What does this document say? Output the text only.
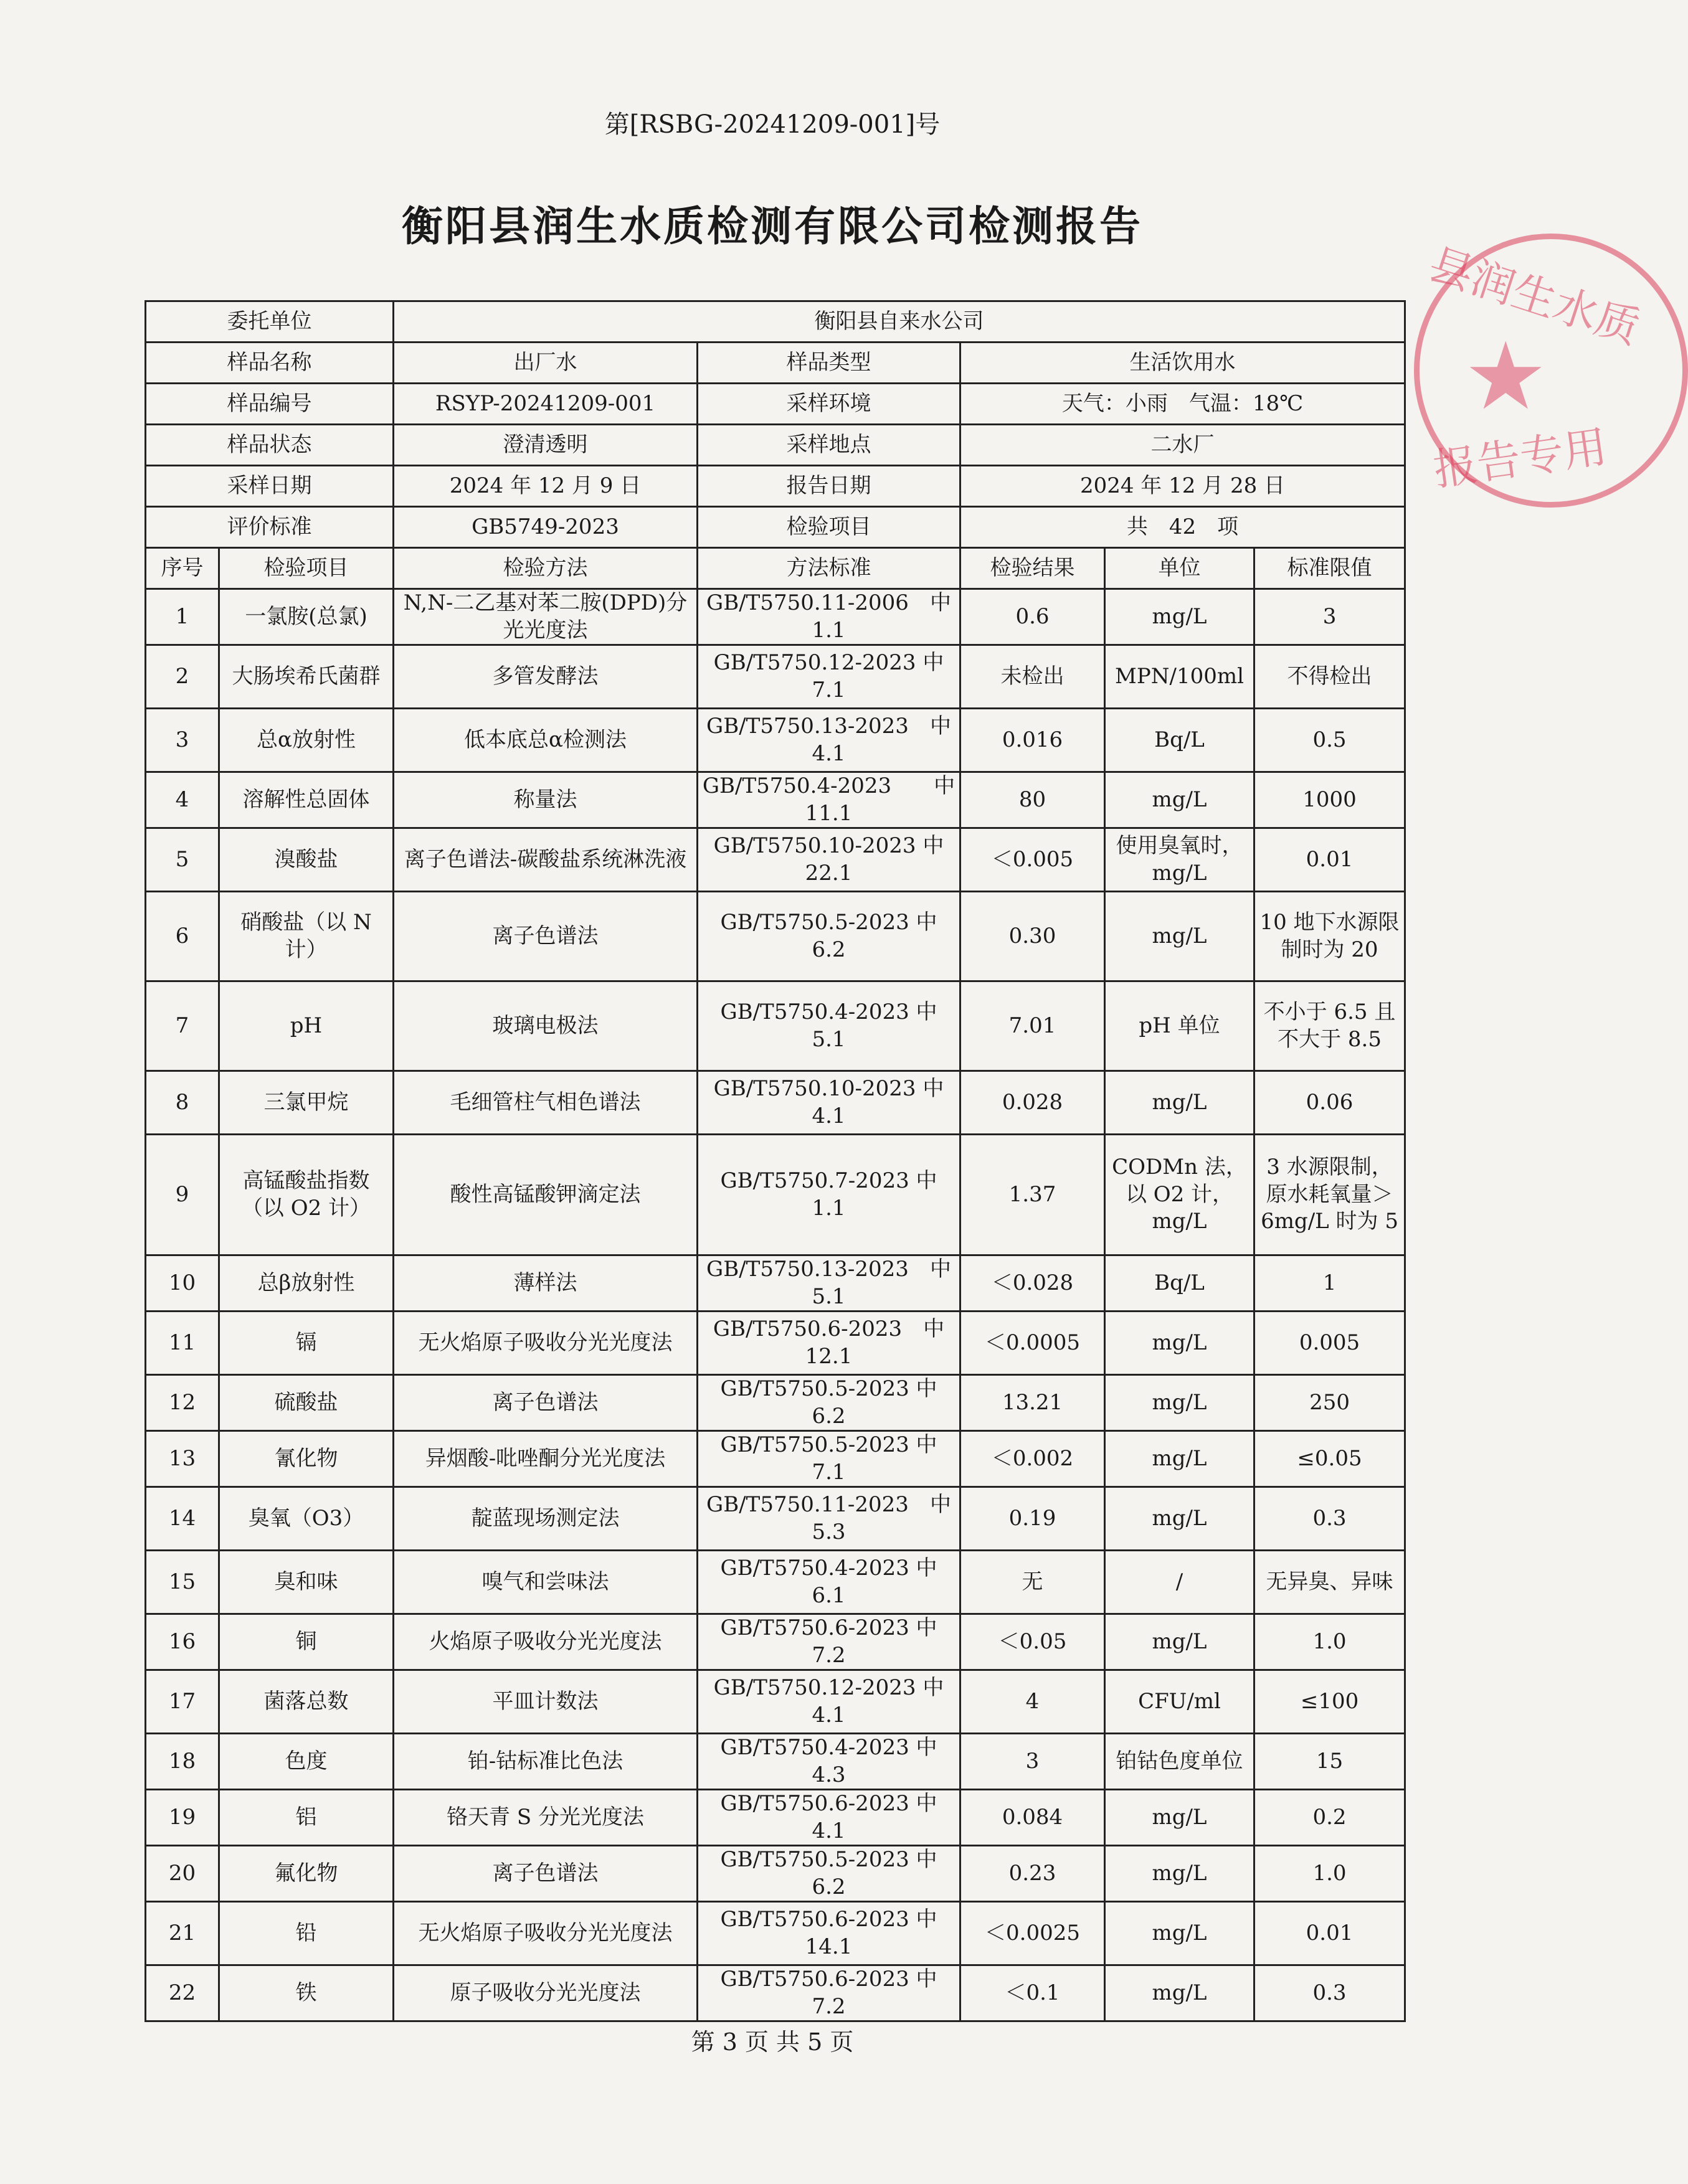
第[RSBG-20241209-001]号
衡阳县润生水质检测有限公司检测报告
委托单位		衡阳县自来水公司				
样品名称		出厂水	样品类型	生活饮用水		
样品编号		RSYP-20241209-001	采样环境	天气：小雨　气温：18℃		
样品状态		澄清透明	采样地点	二水厂		
采样日期		2024 年 12 月 9 日	报告日期	2024 年 12 月 28 日		
评价标准		GB5749-2023	检验项目	共　42　项		
序号	检验项目	检验方法	方法标准	检验结果	单位	标准限值
1	一氯胺(总氯)	N,N-二乙基对苯二胺(DPD)分光光度法	GB/T5750.11-2006　中 1.1	0.6	mg/L	3
2	大肠埃希氏菌群	多管发酵法	GB/T5750.12-2023 中 7.1	未检出	MPN/100ml	不得检出
3	总α放射性	低本底总α检测法	GB/T5750.13-2023　中 4.1	0.016	Bq/L	0.5
4	溶解性总固体	称量法	GB/T5750.4-2023　　中 11.1	80	mg/L	1000
5	溴酸盐	离子色谱法-碳酸盐系统淋洗液	GB/T5750.10-2023 中 22.1	＜0.005	使用臭氧时，mg/L	0.01
6	硝酸盐（以 N 计）	离子色谱法	GB/T5750.5-2023 中 6.2	0.30	mg/L	10 地下水源限制时为 20
7	pH	玻璃电极法	GB/T5750.4-2023 中 5.1	7.01	pH 单位	不小于 6.5 且不大于 8.5
8	三氯甲烷	毛细管柱气相色谱法	GB/T5750.10-2023 中 4.1	0.028	mg/L	0.06
9	高锰酸盐指数（以 O2 计）	酸性高锰酸钾滴定法	GB/T5750.7-2023 中 1.1	1.37	CODMn 法，以 O2 计，mg/L	3 水源限制，原水耗氧量＞6mg/L 时为 5
10	总β放射性	薄样法	GB/T5750.13-2023　中 5.1	＜0.028	Bq/L	1
11	镉	无火焰原子吸收分光光度法	GB/T5750.6-2023　中 12.1	＜0.0005	mg/L	0.005
12	硫酸盐	离子色谱法	GB/T5750.5-2023 中 6.2	13.21	mg/L	250
13	氰化物	异烟酸-吡唑酮分光光度法	GB/T5750.5-2023 中 7.1	＜0.002	mg/L	≤0.05
14	臭氧（O3）	靛蓝现场测定法	GB/T5750.11-2023　中 5.3	0.19	mg/L	0.3
15	臭和味	嗅气和尝味法	GB/T5750.4-2023 中 6.1	无	/	无异臭、异味
16	铜	火焰原子吸收分光光度法	GB/T5750.6-2023 中 7.2	＜0.05	mg/L	1.0
17	菌落总数	平皿计数法	GB/T5750.12-2023 中 4.1	4	CFU/ml	≤100
18	色度	铂-钴标准比色法	GB/T5750.4-2023 中 4.3	3	铂钴色度单位	15
19	铝	铬天青 S 分光光度法	GB/T5750.6-2023 中 4.1	0.084	mg/L	0.2
20	氟化物	离子色谱法	GB/T5750.5-2023 中 6.2	0.23	mg/L	1.0
21	铅	无火焰原子吸收分光光度法	GB/T5750.6-2023 中 14.1	＜0.0025	mg/L	0.01
22	铁	原子吸收分光光度法	GB/T5750.6-2023 中 7.2	＜0.1	mg/L	0.3
县润生水质
★
报告专用
第 3 页 共 5 页
